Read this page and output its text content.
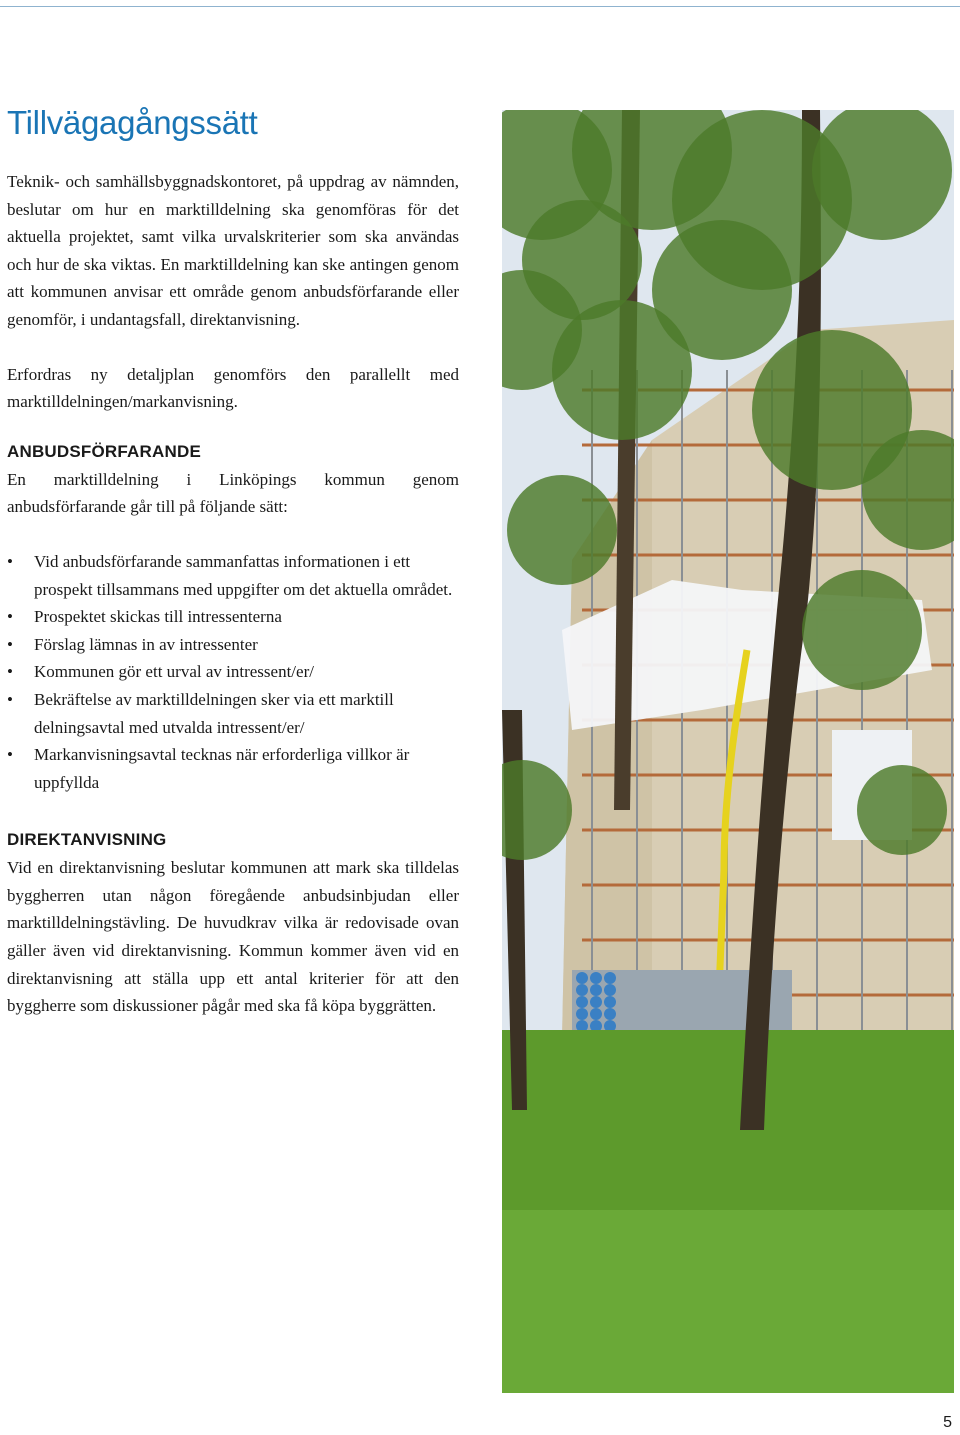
Tillvägagångssätt

Teknik- och samhällsbyggnadskontoret, på uppdrag av nämnden, beslutar om hur en marktilldelning ska genomföras för det aktuella projektet, samt vilka urvalskriterier som ska användas och hur de ska viktas. En marktilldelning kan ske antingen genom att kommunen anvisar ett område genom anbudsförfarande eller genomför, i undantagsfall, direktanvisning.

Erfordras ny detaljplan genomförs den parallellt med marktilldelningen/markanvisning.

ANBUDSFÖRFARANDE

En marktilldelning i Linköpings kommun genom anbudsförfarande går till på följande sätt:

• Vid anbudsförfarande sammanfattas informationen i ett prospekt tillsammans med uppgifter om det aktuella området.
• Prospektet skickas till intressenterna
• Förslag lämnas in av intressenter
• Kommunen gör ett urval av intressent/er/
• Bekräftelse av marktilldelningen sker via ett marktill delningsavtal med utvalda intressent/er/
• Markanvisningsavtal tecknas när erforderliga villkor är uppfyllda
DIREKTANVISNING

Vid en direktanvisning beslutar kommunen att mark ska tilldelas byggherren utan någon föregående anbudsinbjudan eller marktilldelningstävling. De huvudkrav vilka är redovisade ovan gäller även vid direktanvisning. Kommun kommer även vid en direktanvisning att ställa upp ett antal kriterier för att den byggherre som diskussioner pågår med ska få köpa byggrätten.

5
